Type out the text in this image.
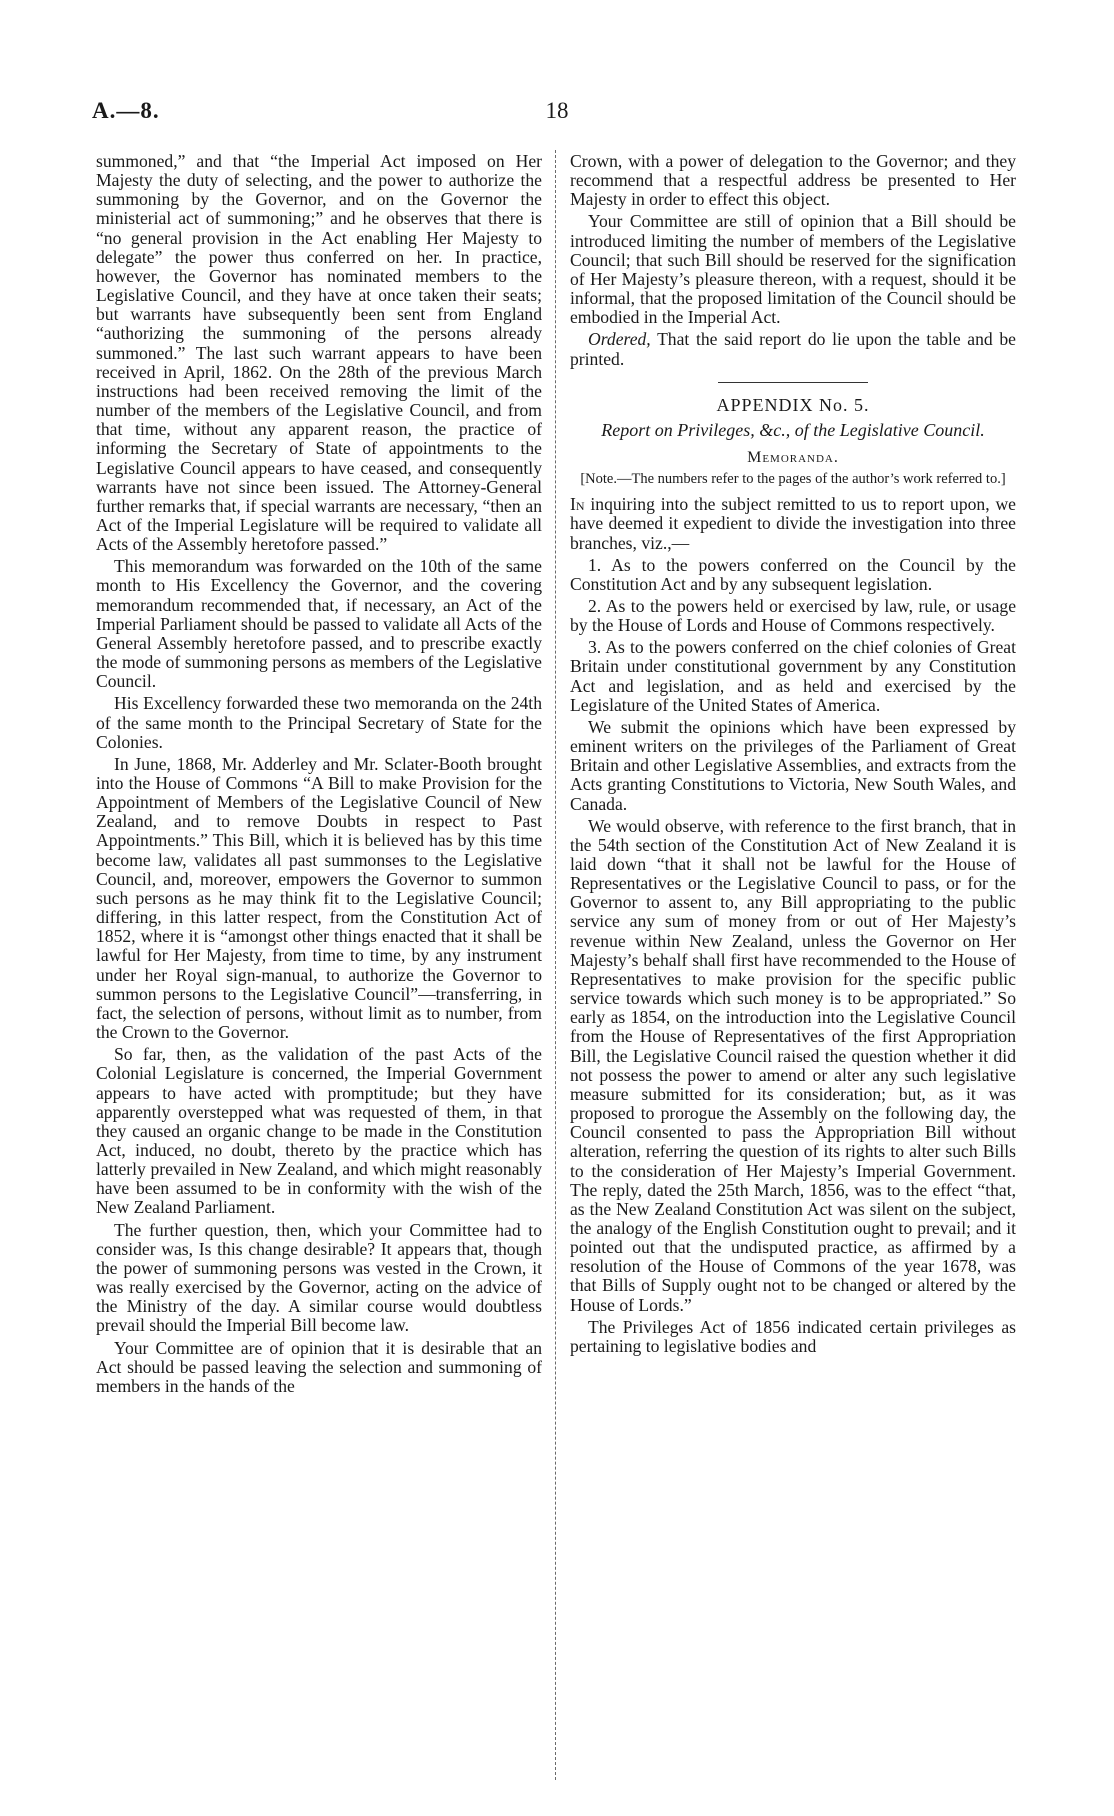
A.—8.	18

summoned,” and that “the Imperial Act imposed on Her Majesty the duty of selecting, and the power to authorize the summoning by the Governor, and on the Governor the ministerial act of summoning;” and he observes that there is “no general provision in the Act enabling Her Majesty to delegate” the power thus conferred on her. In practice, however, the Governor has nominated members to the Legislative Council, and they have at once taken their seats; but warrants have subsequently been sent from England “authorizing the summoning of the persons already summoned.” The last such warrant appears to have been received in April, 1862. On the 28th of the previous March instructions had been received removing the limit of the number of the members of the Legislative Council, and from that time, without any apparent reason, the practice of informing the Secretary of State of appointments to the Legislative Council appears to have ceased, and consequently warrants have not since been issued. The Attorney-General further remarks that, if special warrants are necessary, “then an Act of the Imperial Legislature will be required to validate all Acts of the Assembly heretofore passed.”

This memorandum was forwarded on the 10th of the same month to His Excellency the Governor, and the covering memorandum recommended that, if necessary, an Act of the Imperial Parliament should be passed to validate all Acts of the General Assembly heretofore passed, and to prescribe exactly the mode of summoning persons as members of the Legislative Council.

His Excellency forwarded these two memoranda on the 24th of the same month to the Principal Secretary of State for the Colonies.

In June, 1868, Mr. Adderley and Mr. Sclater-Booth brought into the House of Commons “A Bill to make Provision for the Appointment of Members of the Legislative Council of New Zealand, and to remove Doubts in respect to Past Appointments.” This Bill, which it is believed has by this time become law, validates all past summonses to the Legislative Council, and, moreover, empowers the Governor to summon such persons as he may think fit to the Legislative Council; differing, in this latter respect, from the Constitution Act of 1852, where it is “amongst other things enacted that it shall be lawful for Her Majesty, from time to time, by any instrument under her Royal sign-manual, to authorize the Governor to summon persons to the Legislative Council”—transferring, in fact, the selection of persons, without limit as to number, from the Crown to the Governor.

So far, then, as the validation of the past Acts of the Colonial Legislature is concerned, the Imperial Government appears to have acted with promptitude; but they have apparently overstepped what was requested of them, in that they caused an organic change to be made in the Constitution Act, induced, no doubt, thereto by the practice which has latterly prevailed in New Zealand, and which might reasonably have been assumed to be in conformity with the wish of the New Zealand Parliament.

The further question, then, which your Committee had to consider was, Is this change desirable? It appears that, though the power of summoning persons was vested in the Crown, it was really exercised by the Governor, acting on the advice of the Ministry of the day. A similar course would doubtless prevail should the Imperial Bill become law.

Your Committee are of opinion that it is desirable that an Act should be passed leaving the selection and summoning of members in the hands of the

Crown, with a power of delegation to the Governor; and they recommend that a respectful address be presented to Her Majesty in order to effect this object.

Your Committee are still of opinion that a Bill should be introduced limiting the number of members of the Legislative Council; that such Bill should be reserved for the signification of Her Majesty’s pleasure thereon, with a request, should it be informal, that the proposed limitation of the Council should be embodied in the Imperial Act.

Ordered, That the said report do lie upon the table and be printed.

APPENDIX No. 5.
Report on Privileges, &c., of the Legislative Council.
Memoranda.
[Note.—The numbers refer to the pages of the author’s work referred to.]

In inquiring into the subject remitted to us to report upon, we have deemed it expedient to divide the investigation into three branches, viz.,—

1. As to the powers conferred on the Council by the Constitution Act and by any subsequent legislation.

2. As to the powers held or exercised by law, rule, or usage by the House of Lords and House of Commons respectively.

3. As to the powers conferred on the chief colonies of Great Britain under constitutional government by any Constitution Act and legislation, and as held and exercised by the Legislature of the United States of America.

We submit the opinions which have been expressed by eminent writers on the privileges of the Parliament of Great Britain and other Legislative Assemblies, and extracts from the Acts granting Constitutions to Victoria, New South Wales, and Canada.

We would observe, with reference to the first branch, that in the 54th section of the Constitution Act of New Zealand it is laid down “that it shall not be lawful for the House of Representatives or the Legislative Council to pass, or for the Governor to assent to, any Bill appropriating to the public service any sum of money from or out of Her Majesty’s revenue within New Zealand, unless the Governor on Her Majesty’s behalf shall first have recommended to the House of Representatives to make provision for the specific public service towards which such money is to be appropriated.” So early as 1854, on the introduction into the Legislative Council from the House of Representatives of the first Appropriation Bill, the Legislative Council raised the question whether it did not possess the power to amend or alter any such legislative measure submitted for its consideration; but, as it was proposed to prorogue the Assembly on the following day, the Council consented to pass the Appropriation Bill without alteration, referring the question of its rights to alter such Bills to the consideration of Her Majesty’s Imperial Government. The reply, dated the 25th March, 1856, was to the effect “that, as the New Zealand Constitution Act was silent on the subject, the analogy of the English Constitution ought to prevail; and it pointed out that the undisputed practice, as affirmed by a resolution of the House of Commons of the year 1678, was that Bills of Supply ought not to be changed or altered by the House of Lords.”

The Privileges Act of 1856 indicated certain privileges as pertaining to legislative bodies and
